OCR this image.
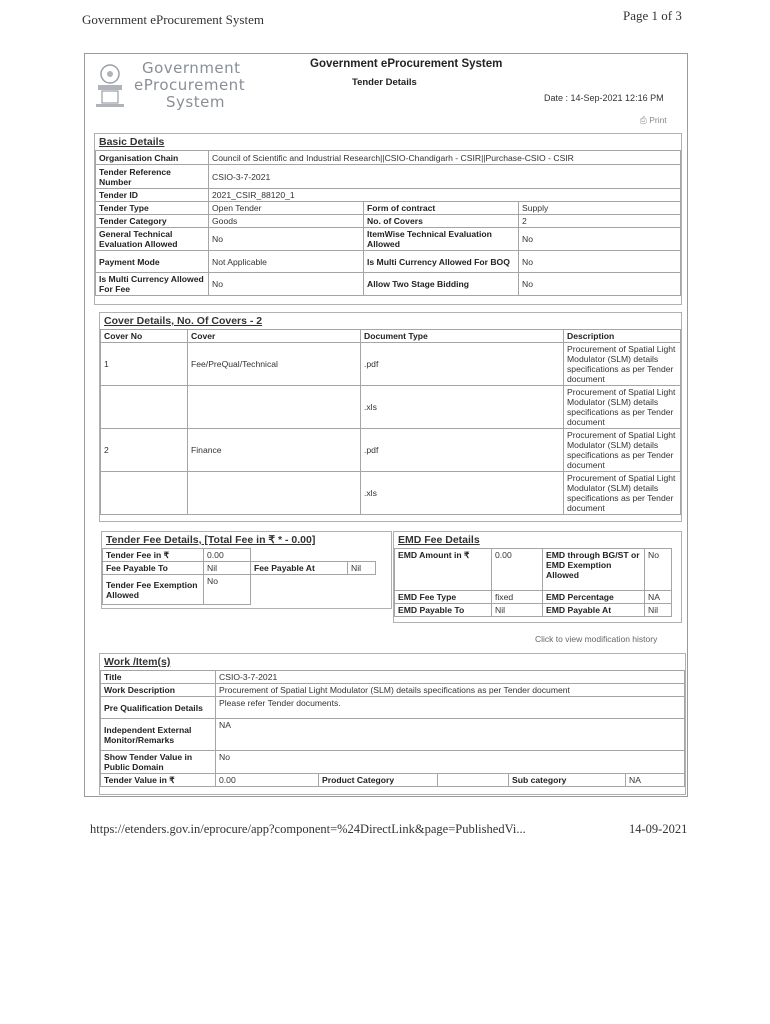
Government eProcurement System	Page 1 of 3
Government
eProcurement
System
Government eProcurement System
Tender Details
Date : 14-Sep-2021 12:16 PM
⎙ Print
Basic Details
Organisation Chain	Council of Scientific and Industrial Research||CSIO-Chandigarh - CSIR||Purchase-CSIO - CSIR		
Tender Reference Number	CSIO-3-7-2021		
Tender ID	2021_CSIR_88120_1		
Tender Type	Open Tender	Form of contract	Supply
Tender Category	Goods	No. of Covers	2
General Technical Evaluation Allowed	No	ItemWise Technical Evaluation Allowed	No
Payment Mode	Not Applicable	Is Multi Currency Allowed For BOQ	No
Is Multi Currency Allowed For Fee	No	Allow Two Stage Bidding	No
Cover Details, No. Of Covers - 2
Cover No	Cover	Document Type	Description
1	Fee/PreQual/Technical	.pdf	Procurement of Spatial Light Modulator (SLM) details specifications as per Tender document
		.xls	Procurement of Spatial Light Modulator (SLM) details specifications as per Tender document
2	Finance	.pdf	Procurement of Spatial Light Modulator (SLM) details specifications as per Tender document
		.xls	Procurement of Spatial Light Modulator (SLM) details specifications as per Tender document
Tender Fee Details, [Total Fee in ₹ * - 0.00]
Tender Fee in ₹	0.00		
Fee Payable To	Nil	Fee Payable At	Nil
Tender Fee Exemption Allowed	No		
EMD Fee Details
EMD Amount in ₹	0.00	EMD through BG/ST or EMD Exemption Allowed	No
EMD Fee Type	fixed	EMD Percentage	NA
EMD Payable To	Nil	EMD Payable At	Nil
Click to view modification history
Work /Item(s)
Title	CSIO-3-7-2021				
Work Description	Procurement of Spatial Light Modulator (SLM) details specifications as per Tender document				
Pre Qualification Details	Please refer Tender documents.				
Independent External Monitor/Remarks	NA				
Show Tender Value in Public Domain	No				
Tender Value in ₹	0.00	Product Category		Sub category	NA
https://etenders.gov.in/eprocure/app?component=%24DirectLink&page=PublishedVi...	14-09-2021
